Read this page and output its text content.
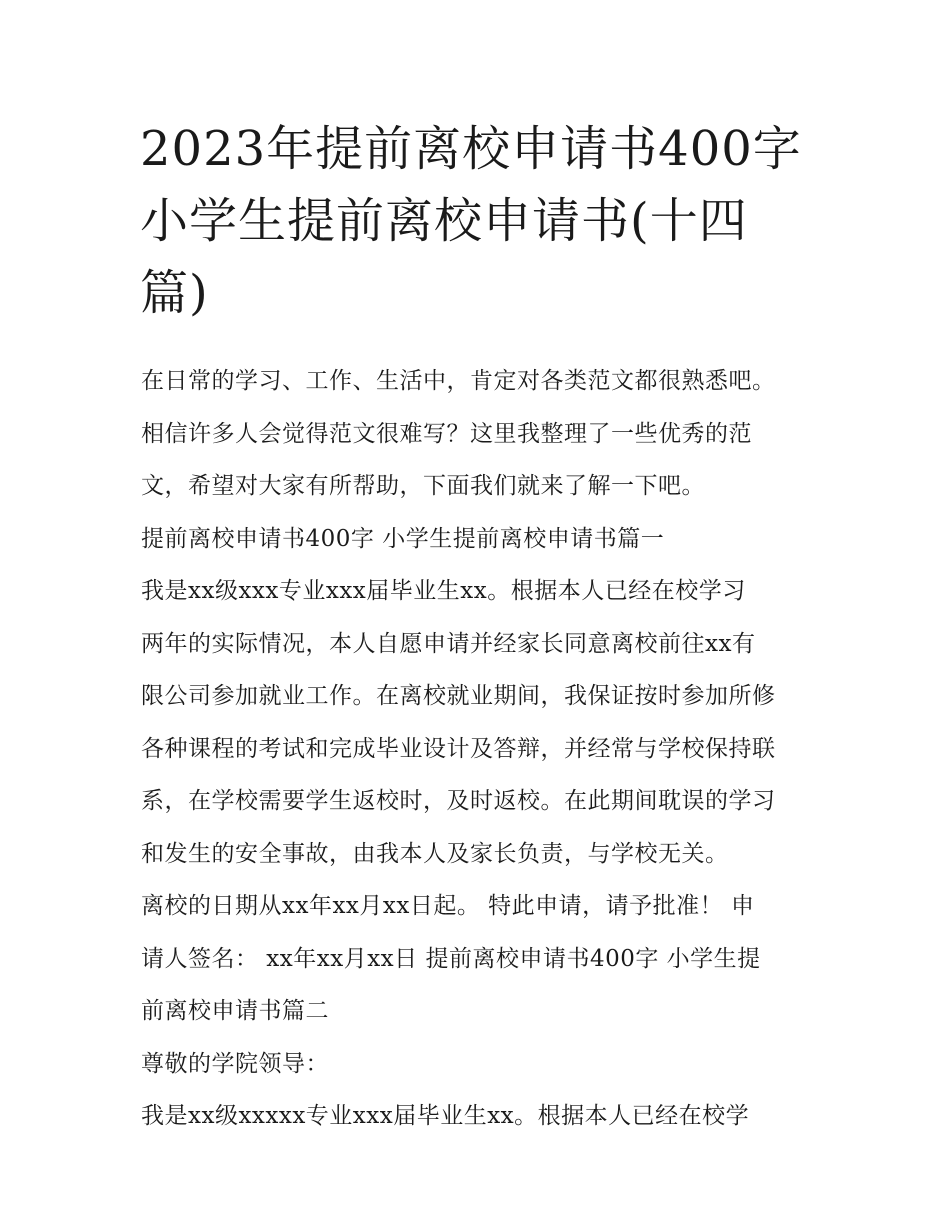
2023年提前离校申请书400字
小学生提前离校申请书(十四
篇)

在日常的学习、工作、生活中，肯定对各类范文都很熟悉吧。
相信许多人会觉得范文很难写？这里我整理了一些优秀的范
文，希望对大家有所帮助，下面我们就来了解一下吧。

提前离校申请书400字 小学生提前离校申请书篇一

我是xx级xxx专业xxx届毕业生xx。根据本人已经在校学习
两年的实际情况，本人自愿申请并经家长同意离校前往xx有
限公司参加就业工作。在离校就业期间，我保证按时参加所修
各种课程的考试和完成毕业设计及答辩，并经常与学校保持联
系，在学校需要学生返校时，及时返校。在此期间耽误的学习
和发生的安全事故，由我本人及家长负责，与学校无关。

离校的日期从xx年xx月xx日起。 特此申请，请予批准！ 申
请人签名： xx年xx月xx日 提前离校申请书400字 小学生提
前离校申请书篇二

尊敬的学院领导：

我是xx级xxxxx专业xxx届毕业生xx。根据本人已经在校学
